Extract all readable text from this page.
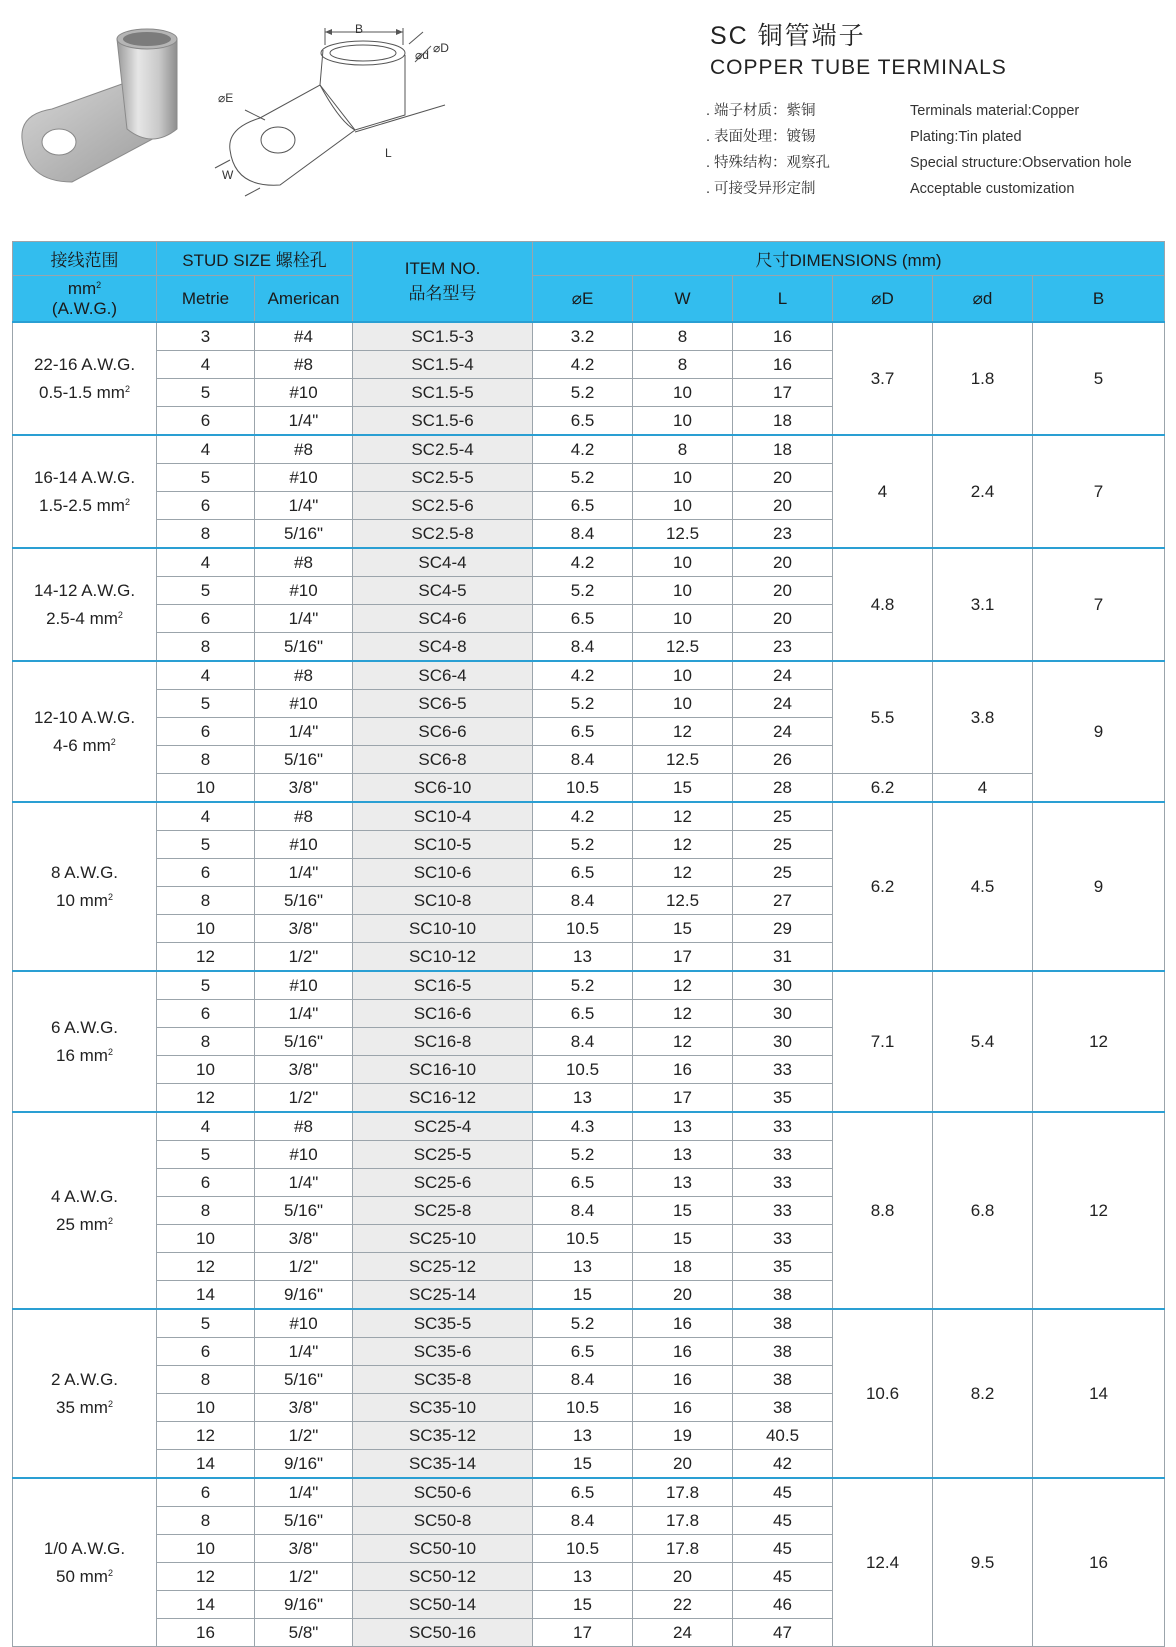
B
⌀d ⌀D
⌀E
W
L
SC 铜管端子
COPPER TUBE TERMINALS
. 端子材质：紫铜	Terminals material:Copper
. 表面处理：镀锡	Plating:Tin plated
. 特殊结构：观察孔	Special structure:Observation hole
. 可接受异形定制	Acceptable customization
接线范围	STUD SIZE 螺栓孔		ITEM NO.
品名型号	尺寸DIMENSIONS (mm)					

$mm^2$
(A.W.G.)	Metrie	American		⌀E	W	L	⌀D	⌀d	B

22-16 A.W.G.
0.5-1.5 $mm^2$	3	#4	SC1.5-3	3.2	8	16	3.7	1.8	5
	4	#8	SC1.5-4	4.2	8	16			
	5	#10	SC1.5-5	5.2	10	17			
	6	1/4"	SC1.5-6	6.5	10	18			

16-14 A.W.G.
1.5-2.5 $mm^2$	4	#8	SC2.5-4	4.2	8	18	4	2.4	7
	5	#10	SC2.5-5	5.2	10	20			
	6	1/4"	SC2.5-6	6.5	10	20			
	8	5/16"	SC2.5-8	8.4	12.5	23			

14-12 A.W.G.
2.5-4 $mm^2$	4	#8	SC4-4	4.2	10	20	4.8	3.1	7
	5	#10	SC4-5	5.2	10	20			
	6	1/4"	SC4-6	6.5	10	20			
	8	5/16"	SC4-8	8.4	12.5	23			

12-10 A.W.G.
4-6 $mm^2$	4	#8	SC6-4	4.2	10	24	5.5	3.8	9
	5	#10	SC6-5	5.2	10	24			
	6	1/4"	SC6-6	6.5	12	24			
	8	5/16"	SC6-8	8.4	12.5	26			
	10	3/8"	SC6-10	10.5	15	28	6.2	4	

8 A.W.G.
10 $mm^2$	4	#8	SC10-4	4.2	12	25	6.2	4.5	9
	5	#10	SC10-5	5.2	12	25			
	6	1/4"	SC10-6	6.5	12	25			
	8	5/16"	SC10-8	8.4	12.5	27			
	10	3/8"	SC10-10	10.5	15	29			
	12	1/2"	SC10-12	13	17	31			

6 A.W.G.
16 $mm^2$	5	#10	SC16-5	5.2	12	30	7.1	5.4	12
	6	1/4"	SC16-6	6.5	12	30			
	8	5/16"	SC16-8	8.4	12	30			
	10	3/8"	SC16-10	10.5	16	33			
	12	1/2"	SC16-12	13	17	35			

4 A.W.G.
25 $mm^2$	4	#8	SC25-4	4.3	13	33	8.8	6.8	12
	5	#10	SC25-5	5.2	13	33			
	6	1/4"	SC25-6	6.5	13	33			
	8	5/16"	SC25-8	8.4	15	33			
	10	3/8"	SC25-10	10.5	15	33			
	12	1/2"	SC25-12	13	18	35			
	14	9/16"	SC25-14	15	20	38			

2 A.W.G.
35 $mm^2$	5	#10	SC35-5	5.2	16	38	10.6	8.2	14
	6	1/4"	SC35-6	6.5	16	38			
	8	5/16"	SC35-8	8.4	16	38			
	10	3/8"	SC35-10	10.5	16	38			
	12	1/2"	SC35-12	13	19	40.5			
	14	9/16"	SC35-14	15	20	42			

1/0 A.W.G.
50 $mm^2$	6	1/4"	SC50-6	6.5	17.8	45	12.4	9.5	16
	8	5/16"	SC50-8	8.4	17.8	45			
	10	3/8"	SC50-10	10.5	17.8	45			
	12	1/2"	SC50-12	13	20	45			
	14	9/16"	SC50-14	15	22	46			
	16	5/8"	SC50-16	17	24	47			
